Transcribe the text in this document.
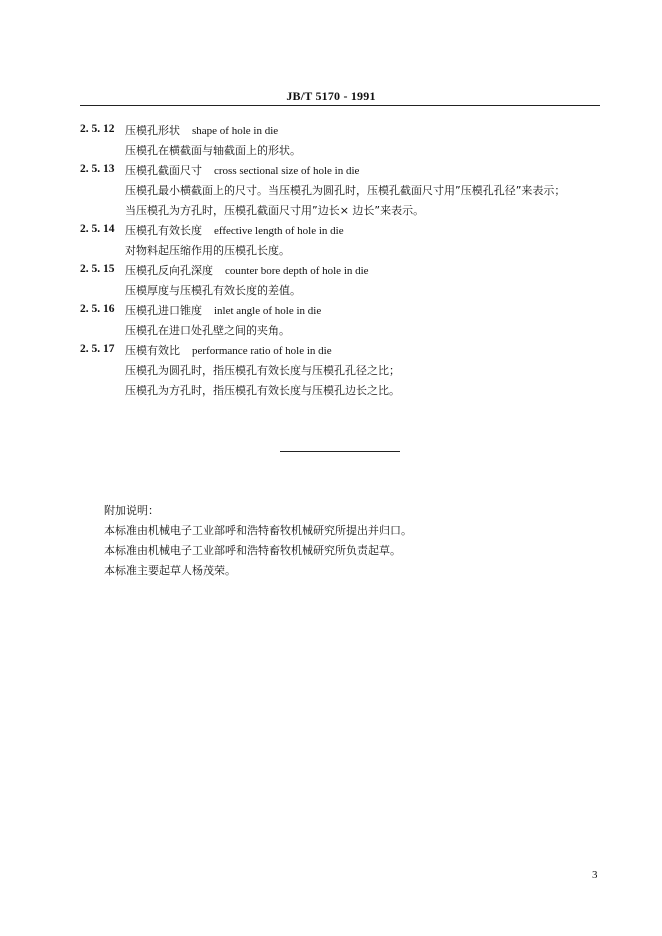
JB/T 5170 - 1991
2. 5. 12 压模孔形状 shape of hole in die
压模孔在横截面与轴截面上的形状。
2. 5. 13 压模孔截面尺寸 cross sectional size of hole in die
压模孔最小横截面上的尺寸。当压模孔为圆孔时，压模孔截面尺寸用”压模孔孔径”来表示；
当压模孔为方孔时，压模孔截面尺寸用”边长× 边长”来表示。
2. 5. 14 压模孔有效长度 effective length of hole in die
对物料起压缩作用的压模孔长度。
2. 5. 15 压模孔反向孔深度 counter bore depth of hole in die
压模厚度与压模孔有效长度的差值。
2. 5. 16 压模孔进口锥度 inlet angle of hole in die
压模孔在进口处孔壁之间的夹角。
2. 5. 17 压模有效比 performance ratio of hole in die
压模孔为圆孔时，指压模孔有效长度与压模孔孔径之比；
压模孔为方孔时，指压模孔有效长度与压模孔边长之比。
附加说明：
本标准由机械电子工业部呼和浩特畜牧机械研究所提出并归口。
本标准由机械电子工业部呼和浩特畜牧机械研究所负责起草。
本标准主要起草人杨茂荣。
3
